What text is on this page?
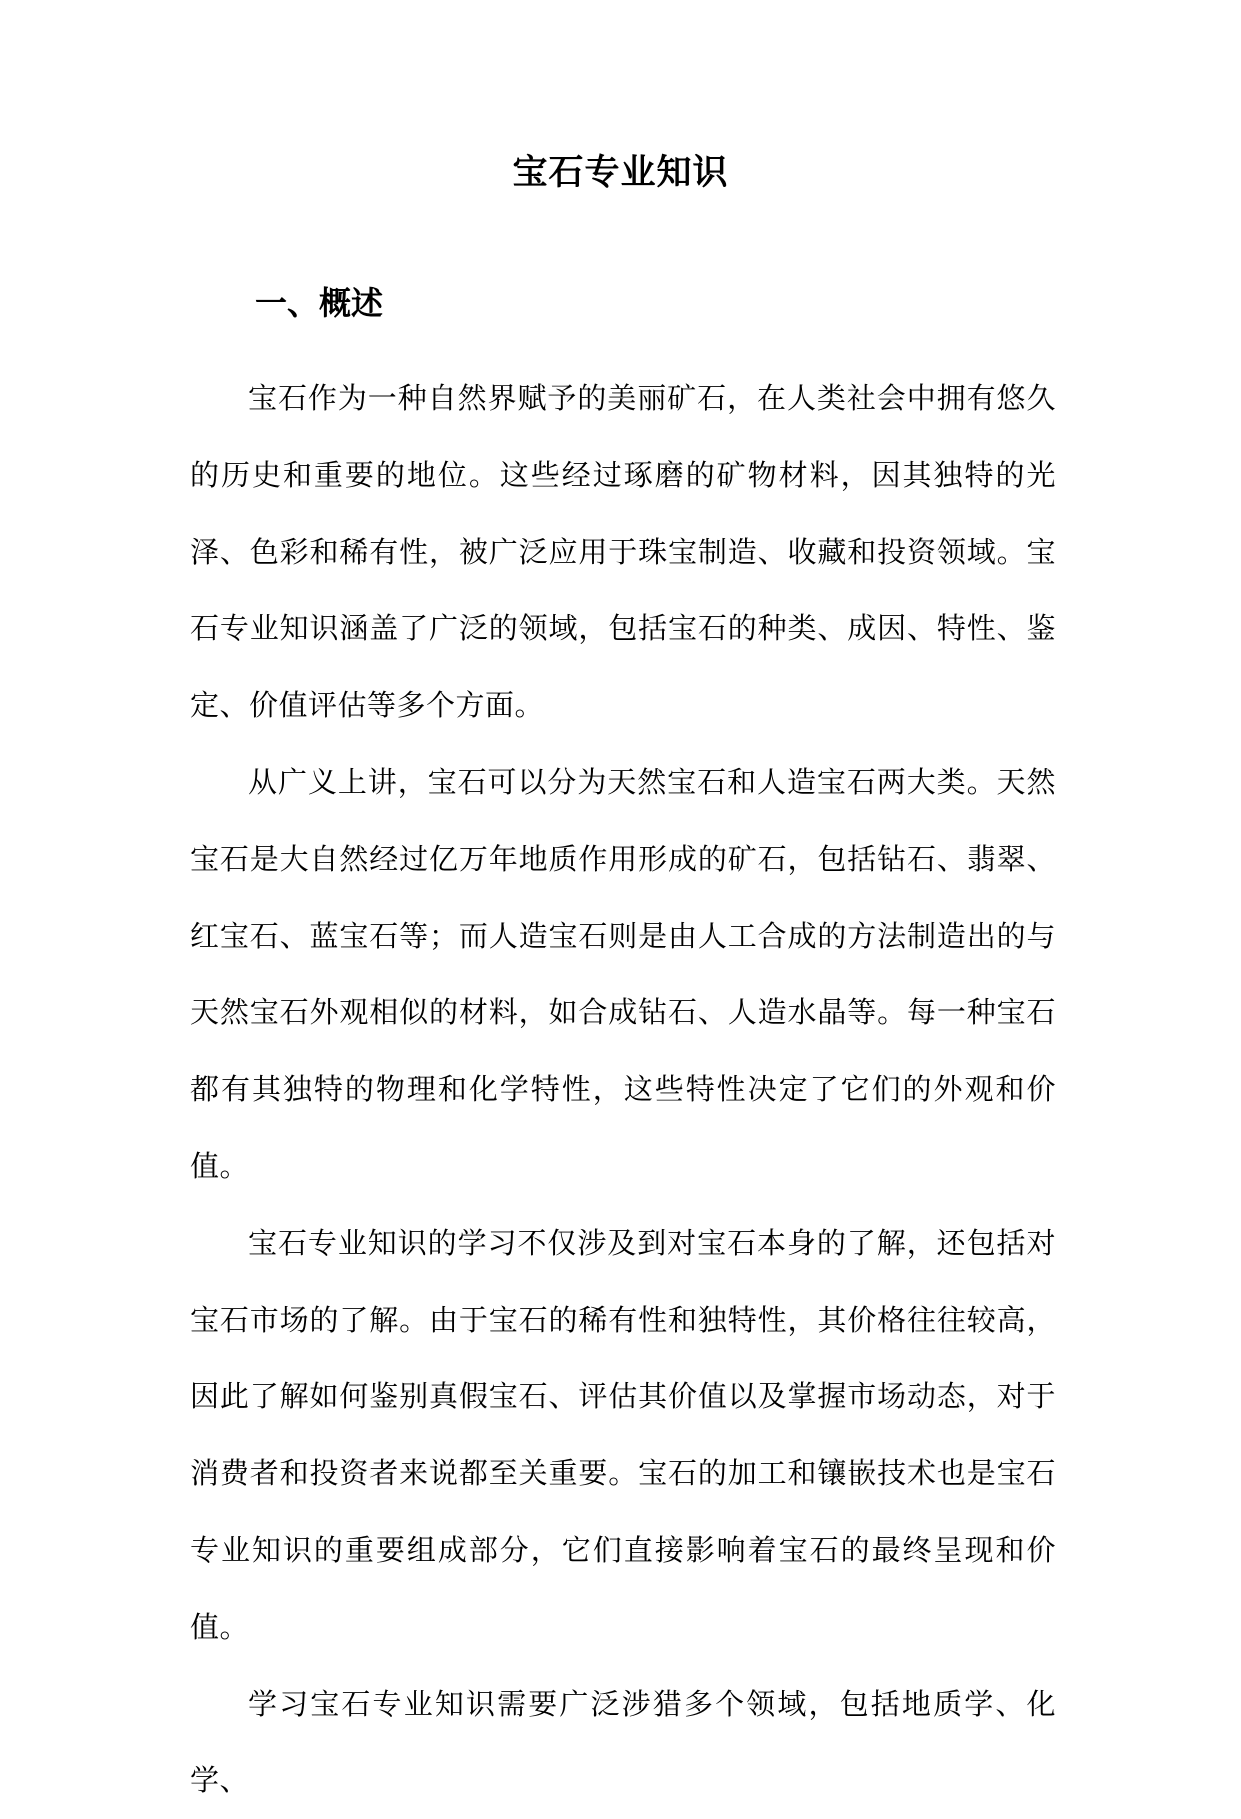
宝石专业知识
一、概述

宝石作为一种自然界赋予的美丽矿石，在人类社会中拥有悠久的历史和重要的地位。这些经过琢磨的矿物材料，因其独特的光泽、色彩和稀有性，被广泛应用于珠宝制造、收藏和投资领域。宝石专业知识涵盖了广泛的领域，包括宝石的种类、成因、特性、鉴定、价值评估等多个方面。

从广义上讲，宝石可以分为天然宝石和人造宝石两大类。天然宝石是大自然经过亿万年地质作用形成的矿石，包括钻石、翡翠、红宝石、蓝宝石等；而人造宝石则是由人工合成的方法制造出的与天然宝石外观相似的材料，如合成钻石、人造水晶等。每一种宝石都有其独特的物理和化学特性，这些特性决定了它们的外观和价值。

宝石专业知识的学习不仅涉及到对宝石本身的了解，还包括对宝石市场的了解。由于宝石的稀有性和独特性，其价格往往较高，因此了解如何鉴别真假宝石、评估其价值以及掌握市场动态，对于消费者和投资者来说都至关重要。宝石的加工和镶嵌技术也是宝石专业知识的重要组成部分，它们直接影响着宝石的最终呈现和价值。

学习宝石专业知识需要广泛涉猎多个领域，包括地质学、化学、
